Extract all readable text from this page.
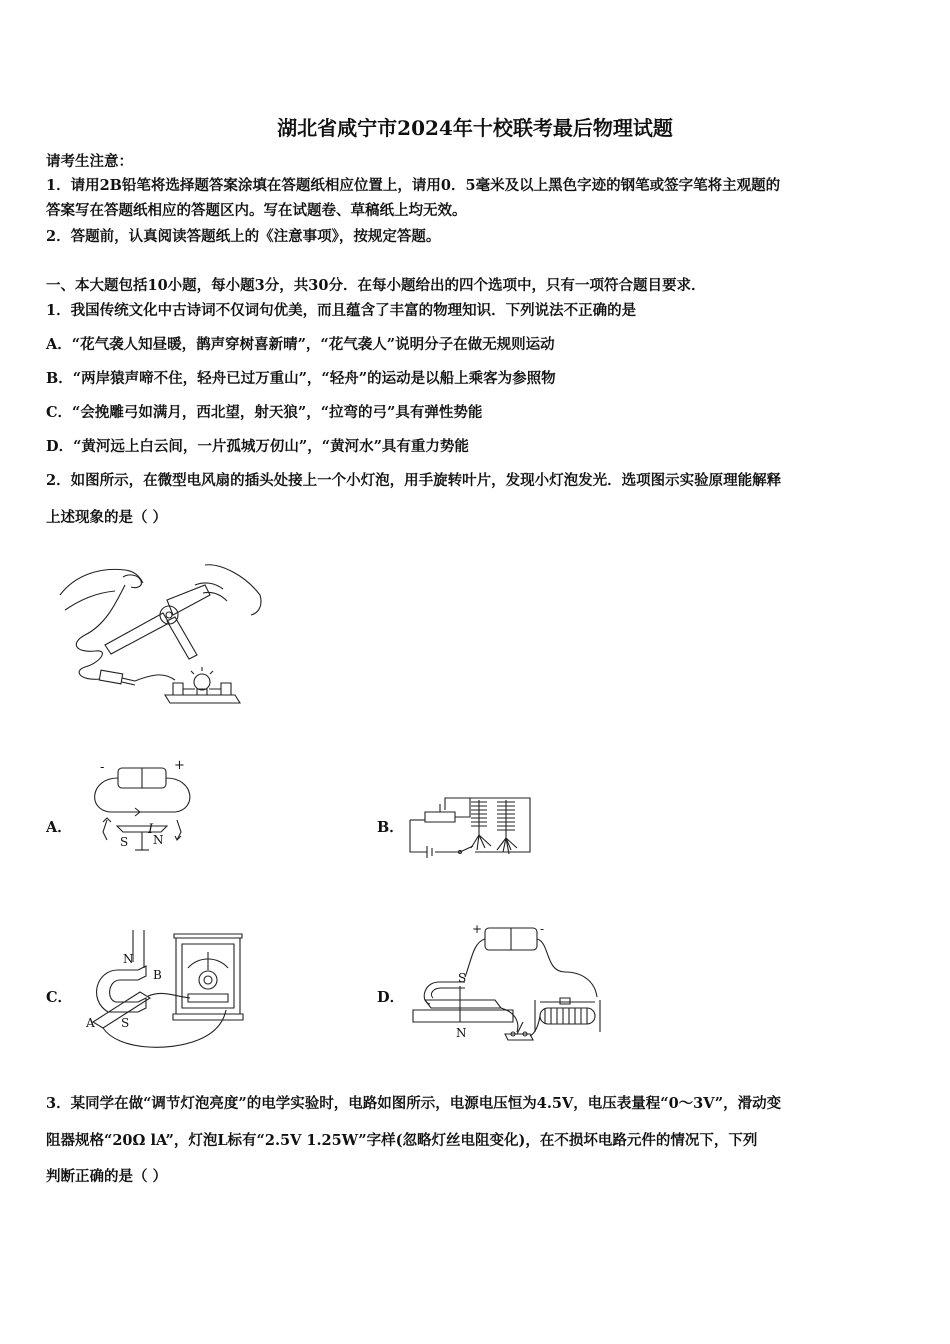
湖北省咸宁市2024年十校联考最后物理试题
请考生注意：
1．请用2B铅笔将选择题答案涂填在答题纸相应位置上，请用0．5毫米及以上黑色字迹的钢笔或签字笔将主观题的
答案写在答题纸相应的答题区内。写在试题卷、草稿纸上均无效。
2．答题前，认真阅读答题纸上的《注意事项》，按规定答题。
一、本大题包括10小题，每小题3分，共30分．在每小题给出的四个选项中，只有一项符合题目要求．
1．我国传统文化中古诗词不仅词句优美，而且蕴含了丰富的物理知识．下列说法不正确的是
A．“花气袭人知昼暖，鹊声穿树喜新晴”，“花气袭人”说明分子在做无规则运动
B．“两岸猿声啼不住，轻舟已过万重山”，“轻舟”的运动是以船上乘客为参照物
C．“会挽雕弓如满月，西北望，射天狼”，“拉弯的弓”具有弹性势能
D．“黄河远上白云间，一片孤城万仞山”，“黄河水”具有重力势能
2．如图所示，在微型电风扇的插头处接上一个小灯泡，用手旋转叶片，发现小灯泡发光．选项图示实验原理能解释
上述现象的是（ ）
A．
-	+
I
S N
B．
C．
N
B
A S
D．
+	-
S
N
3．某同学在做“调节灯泡亮度”的电学实验时，电路如图所示，电源电压恒为4.5V，电压表量程“0～3V”，滑动变
阻器规格“20Ω lA”，灯泡L标有“2.5V 1.25W”字样(忽略灯丝电阻变化)，在不损坏电路元件的情况下，下列
判断正确的是（ ）
